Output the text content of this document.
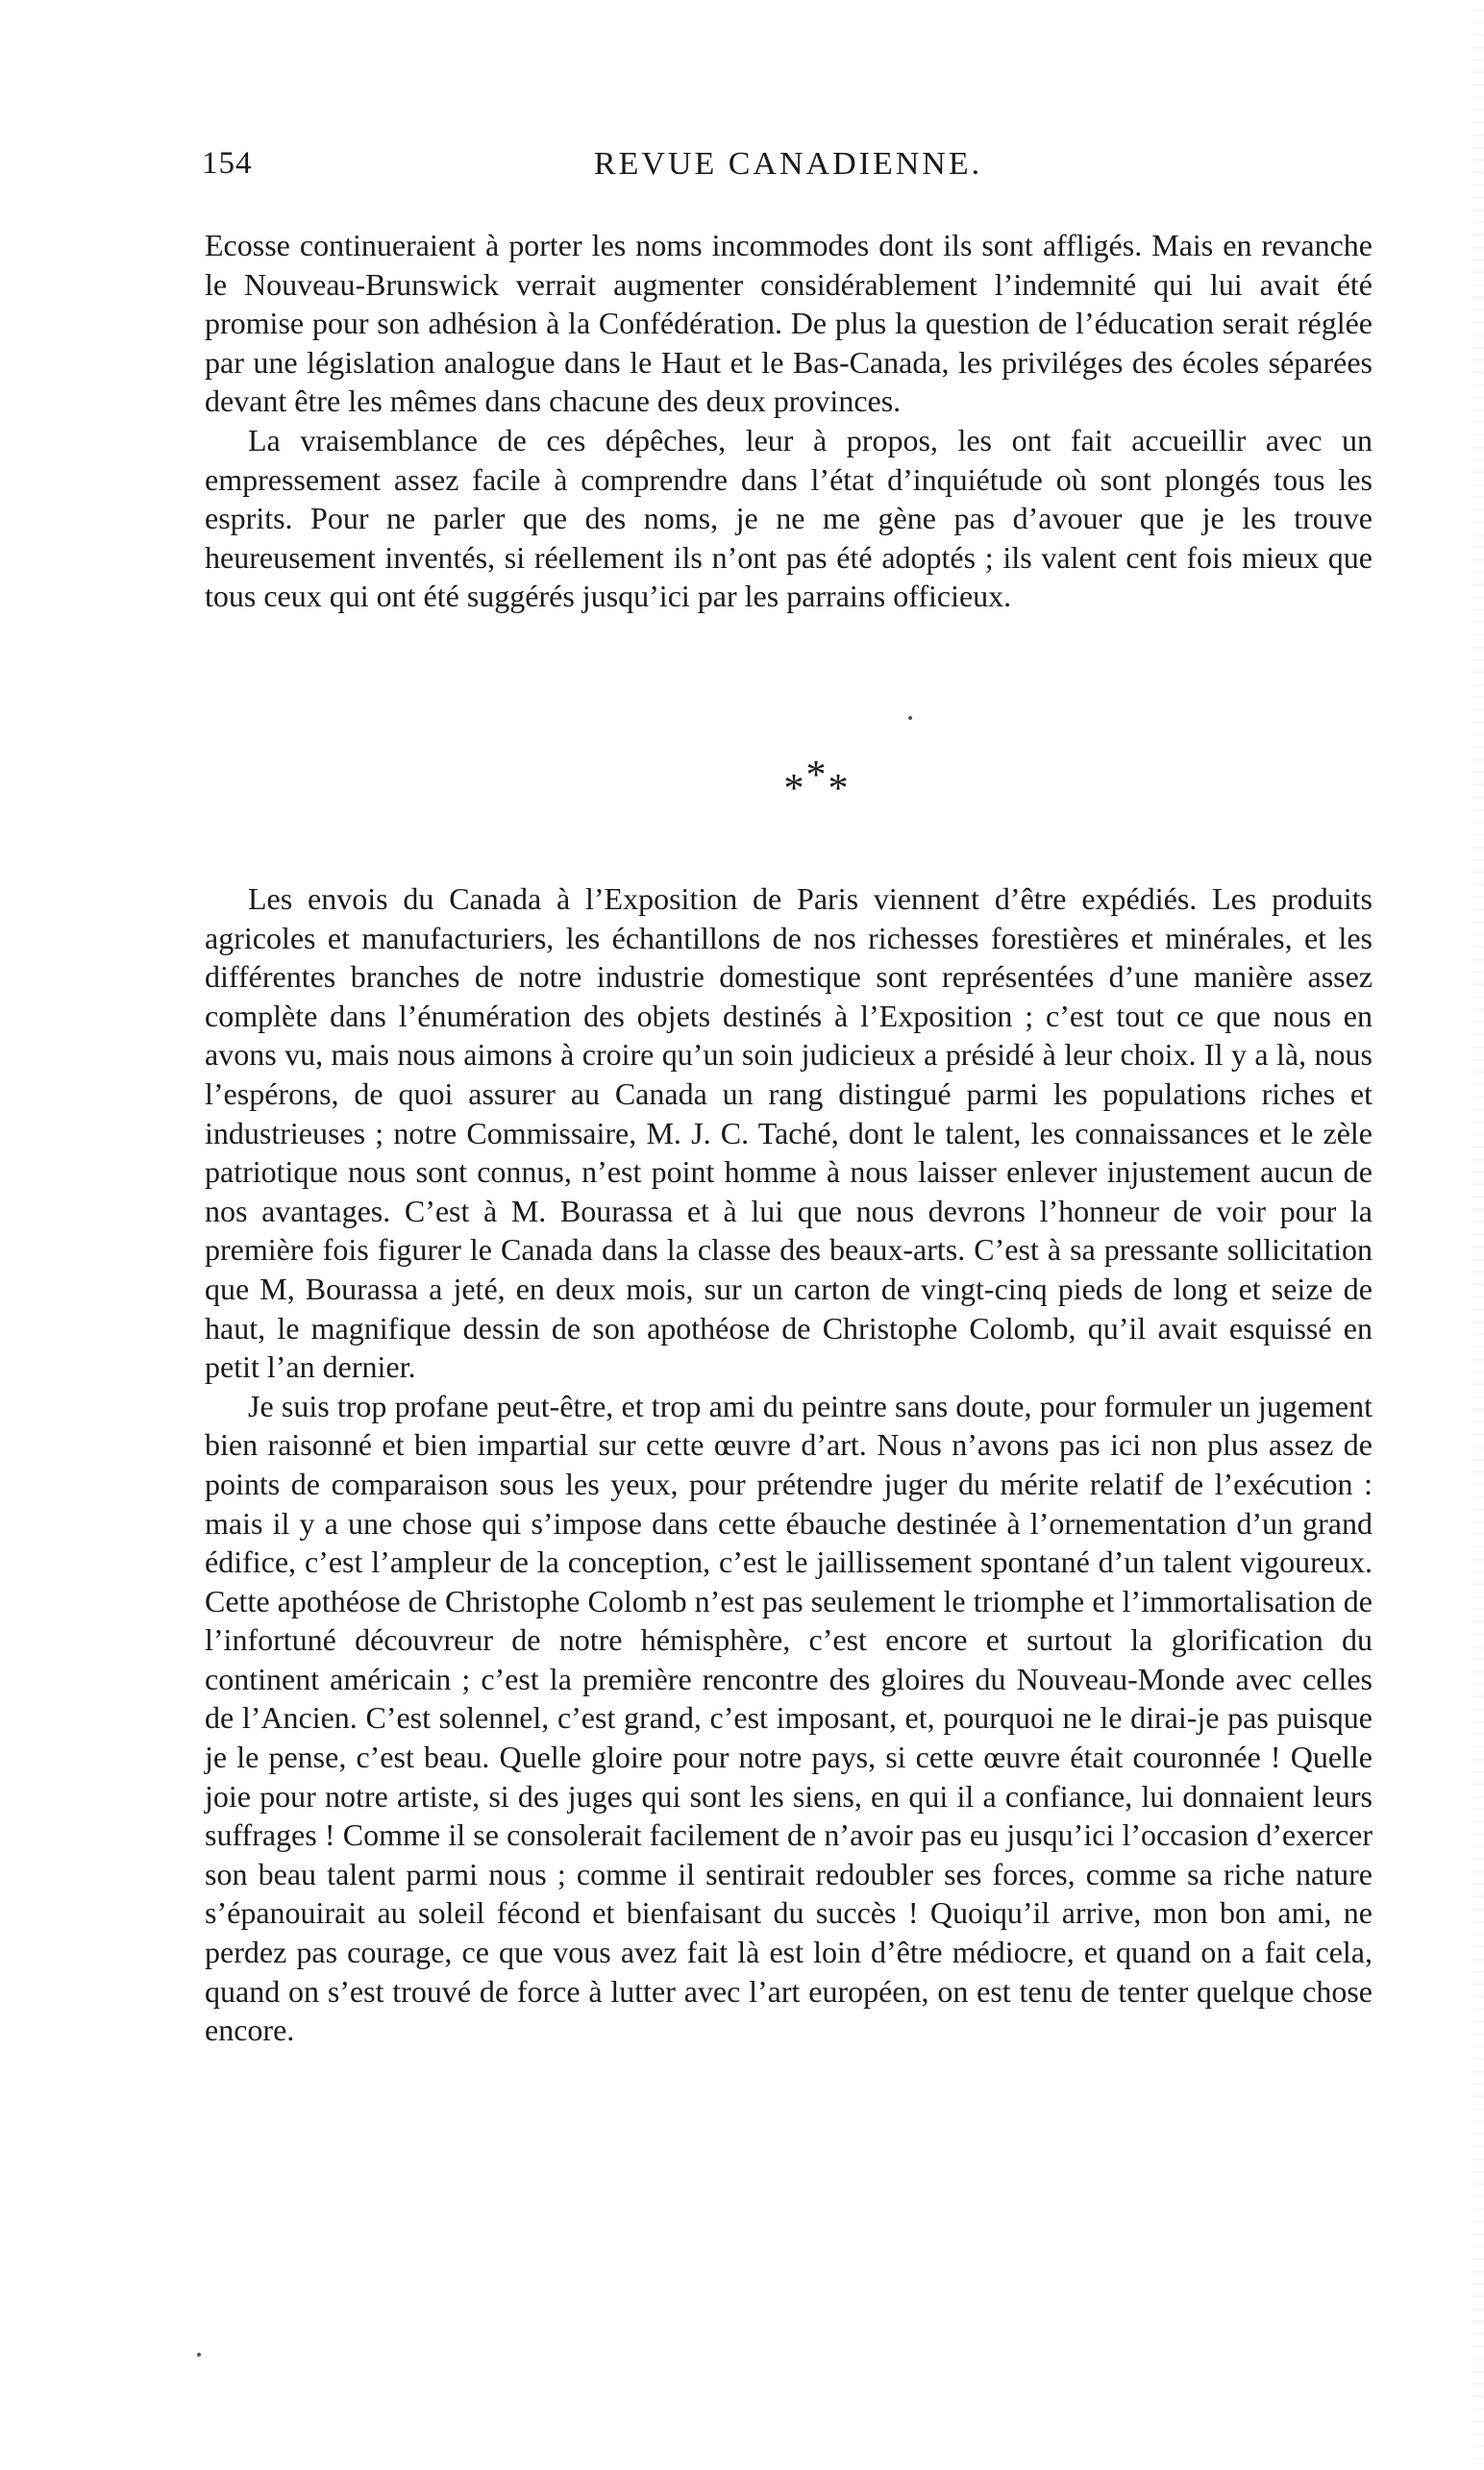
154	REVUE CANADIENNE.

Ecosse continueraient à porter les noms incommodes dont ils sont affligés. Mais en revanche le Nouveau-Brunswick verrait augmenter considérablement l’indemnité qui lui avait été promise pour son adhésion à la Confédération. De plus la question de l’éducation serait réglée par une législation analogue dans le Haut et le Bas-Canada, les priviléges des écoles séparées devant être les mêmes dans chacune des deux provinces.

La vraisemblance de ces dépêches, leur à propos, les ont fait accueillir avec un empressement assez facile à comprendre dans l’état d’inquiétude où sont plongés tous les esprits. Pour ne parler que des noms, je ne me gène pas d’avouer que je les trouve heureusement inventés, si réellement ils n’ont pas été adoptés ; ils valent cent fois mieux que tous ceux qui ont été suggérés jusqu’ici par les parrains officieux.

***

Les envois du Canada à l’Exposition de Paris viennent d’être expédiés. Les produits agricoles et manufacturiers, les échantillons de nos richesses forestières et minérales, et les différentes branches de notre industrie domestique sont représentées d’une manière assez complète dans l’énumération des objets destinés à l’Exposition ; c’est tout ce que nous en avons vu, mais nous aimons à croire qu’un soin judicieux a présidé à leur choix. Il y a là, nous l’espérons, de quoi assurer au Canada un rang distingué parmi les populations riches et industrieuses ; notre Commissaire, M. J. C. Taché, dont le talent, les connaissances et le zèle patriotique nous sont connus, n’est point homme à nous laisser enlever injustement aucun de nos avantages. C’est à M. Bourassa et à lui que nous devrons l’honneur de voir pour la première fois figurer le Canada dans la classe des beaux-arts. C’est à sa pressante sollicitation que M, Bourassa a jeté, en deux mois, sur un carton de vingt-cinq pieds de long et seize de haut, le magnifique dessin de son apothéose de Christophe Colomb, qu’il avait esquissé en petit l’an dernier.

Je suis trop profane peut-être, et trop ami du peintre sans doute, pour formuler un jugement bien raisonné et bien impartial sur cette œuvre d’art. Nous n’avons pas ici non plus assez de points de comparaison sous les yeux, pour prétendre juger du mérite relatif de l’exécution : mais il y a une chose qui s’impose dans cette ébauche destinée à l’ornementation d’un grand édifice, c’est l’ampleur de la conception, c’est le jaillissement spontané d’un talent vigoureux. Cette apothéose de Christophe Colomb n’est pas seulement le triomphe et l’immortalisation de l’infortuné découvreur de notre hémisphère, c’est encore et surtout la glorification du continent américain ; c’est la première rencontre des gloires du Nouveau-Monde avec celles de l’Ancien. C’est solennel, c’est grand, c’est imposant, et, pourquoi ne le dirai-je pas puisque je le pense, c’est beau. Quelle gloire pour notre pays, si cette œuvre était couronnée ! Quelle joie pour notre artiste, si des juges qui sont les siens, en qui il a confiance, lui donnaient leurs suffrages ! Comme il se consolerait facilement de n’avoir pas eu jusqu’ici l’occasion d’exercer son beau talent parmi nous ; comme il sentirait redoubler ses forces, comme sa riche nature s’épanouirait au soleil fécond et bienfaisant du succès ! Quoiqu’il arrive, mon bon ami, ne perdez pas courage, ce que vous avez fait là est loin d’être médiocre, et quand on a fait cela, quand on s’est trouvé de force à lutter avec l’art européen, on est tenu de tenter quelque chose encore.
